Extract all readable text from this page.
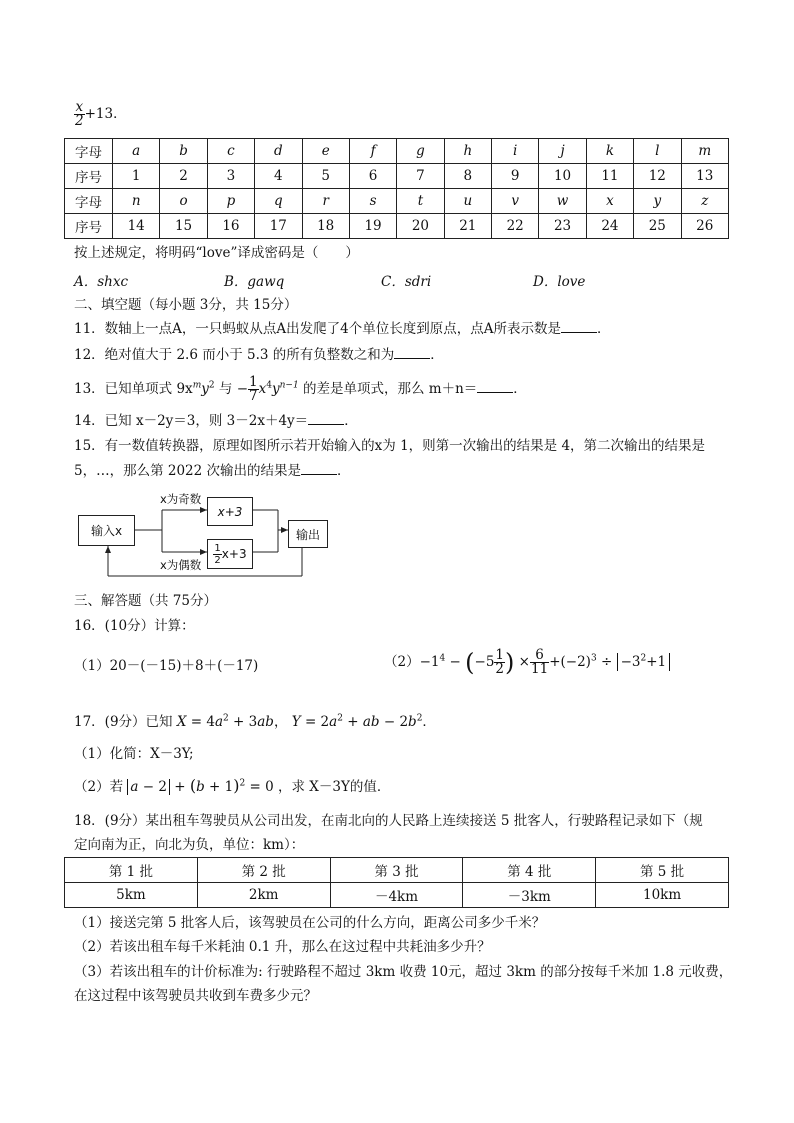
$\frac{x}{2} +13$．
字母	a	b	c	d	e	f	g	h	i	j	k	l	m
序号	1	2	3	4	5	6	7	8	9	10	11	12	13
字母	n	o	p	q	r	s	t	u	v	w	x	y	z
序号	14	15	16	17	18	19	20	21	22	23	24	25	26
按上述规定，将明码“love”译成密码是（　　）
A．shxc	B．gawq	C．sdri	D．love
二、填空题（每小题 3分，共 15分）
11．数轴上一点A，一只蚂蚁从点A出发爬了4个单位长度到原点，点A所表示数是	．
12．绝对值大于 2.6 而小于 5.3 的所有负整数之和为	．
13．已知单项式 $9x^my^2$ 与 − $\frac{1}{7} x^4y^{n-1}$ 的差是单项式，那么 m＋n＝	．
14．已知 x－2y＝3，则 3－2x＋4y＝	．
15．有一数值转换器，原理如图所示若开始输入的x为 1，则第一次输出的结果是 4，第二次输出的结果是
5，…，那么第 2022 次输出的结果是	．
输入x
x为奇数
x为偶数
x+3
$\frac{1}{2} x+3$
输出
三、解答题（共 75分）
16．(10分）计算：
（1）20－(－15)＋8＋(－17)	$(2)-1^4 - (-5 \frac{1}{2}$ ) × $\frac{6}{11} +(-2)^3 \div -3^2+1$
17．(9分）已知 $X = 4a^2 + 3ab$， $Y = 2a^2$ + ab − $2b^2$．
（1）化简：X－3Y;
（2）若 $a - 2 + (b + 1)^2 = 0$ ，求 X－3Y的值．
18．(9分）某出租车驾驶员从公司出发，在南北向的人民路上连续接送 5 批客人，行驶路程记录如下（规
定向南为正，向北为负，单位：km）：
第 1 批	第 2 批	第 3 批	第 4 批	第 5 批
5km	2km	－4km	－3km	10km
（1）接送完第 5 批客人后，该驾驶员在公司的什么方向，距离公司多少千米？
（2）若该出租车每千米耗油 0.1 升，那么在这过程中共耗油多少升？
（3）若该出租车的计价标准为: 行驶路程不超过 3km 收费 10元，超过 3km 的部分按每千米加 1.8 元收费，
在这过程中该驾驶员共收到车费多少元？
